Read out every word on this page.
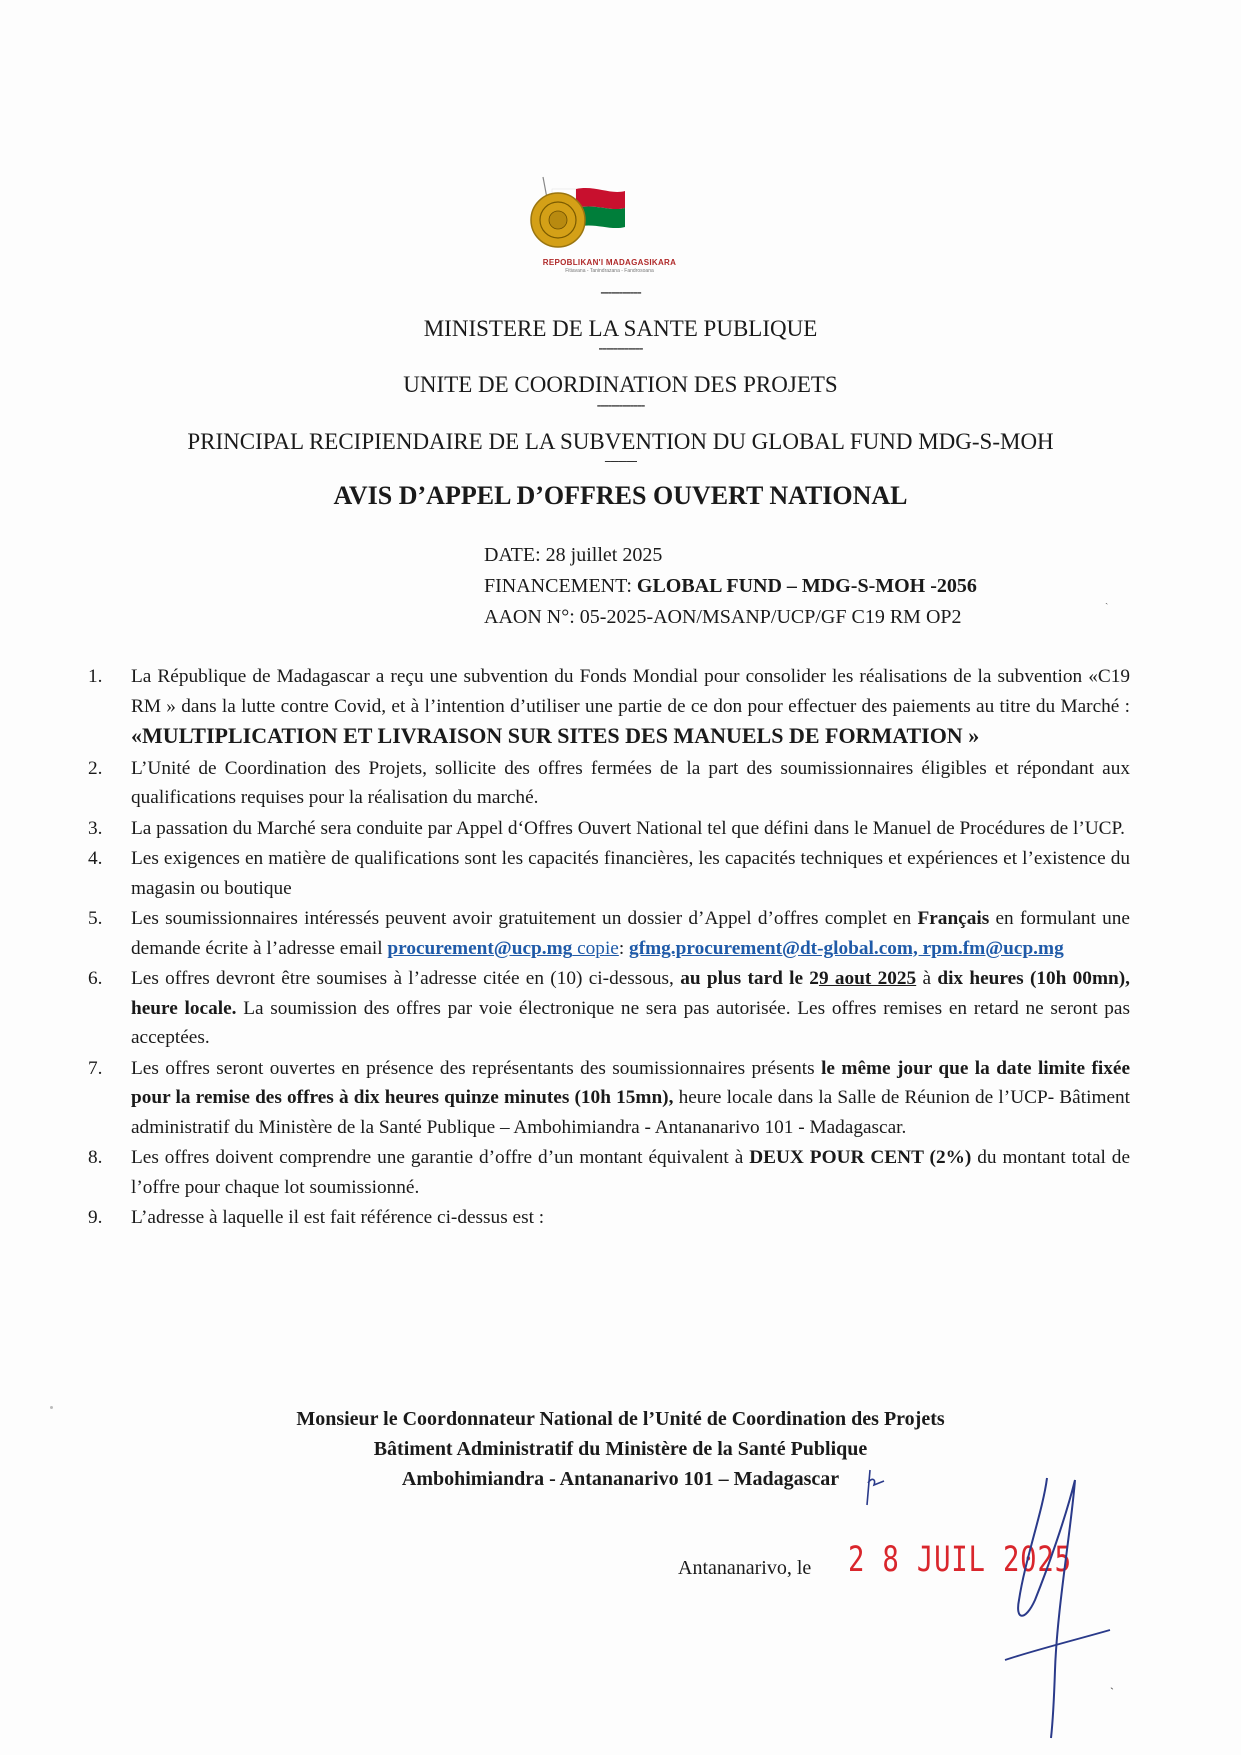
REPOBLIKAN'I MADAGASIKARA
Fitiavana - Tanindrazana - Fandrosoana
-----------
MINISTERE DE LA SANTE PUBLIQUE
------------
UNITE DE COORDINATION DES PROJETS
-------------
PRINCIPAL RECIPIENDAIRE DE LA SUBVENTION DU GLOBAL FUND MDG-S-MOH
------------
AVIS D’APPEL D’OFFRES OUVERT NATIONAL
DATE: 28 juillet 2025
FINANCEMENT: GLOBAL FUND – MDG-S-MOH -2056
AAON N°: 05-2025-AON/MSANP/UCP/GF C19 RM OP2
ˏ
1. La République de Madagascar a reçu une subvention du Fonds Mondial pour consolider les réalisations de la subvention «C19 RM » dans la lutte contre Covid, et à l’intention d’utiliser une partie de ce don pour effectuer des paiements au titre du Marché : «MULTIPLICATION ET LIVRAISON SUR SITES DES MANUELS DE FORMATION »
2. L’Unité de Coordination des Projets, sollicite des offres fermées de la part des soumissionnaires éligibles et répondant aux qualifications requises pour la réalisation du marché.
3. La passation du Marché sera conduite par Appel d‘Offres Ouvert National tel que défini dans le Manuel de Procédures de l’UCP.
4. Les exigences en matière de qualifications sont les capacités financières, les capacités techniques et expériences et l’existence du magasin ou boutique
5. Les soumissionnaires intéressés peuvent avoir gratuitement un dossier d’Appel d’offres complet en Français en formulant une demande écrite à l’adresse email procurement@ucp.mg copie: gfmg.procurement@dt-global.com, rpm.fm@ucp.mg
6. Les offres devront être soumises à l’adresse citée en (10) ci-dessous, au plus tard le 29 aout 2025 à dix heures (10h 00mn), heure locale. La soumission des offres par voie électronique ne sera pas autorisée. Les offres remises en retard ne seront pas acceptées.
7. Les offres seront ouvertes en présence des représentants des soumissionnaires présents le même jour que la date limite fixée pour la remise des offres à dix heures quinze minutes (10h 15mn), heure locale dans la Salle de Réunion de l’UCP- Bâtiment administratif du Ministère de la Santé Publique – Ambohimiandra - Antananarivo 101 - Madagascar.
8. Les offres doivent comprendre une garantie d’offre d’un montant équivalent à DEUX POUR CENT (2%) du montant total de l’offre pour chaque lot soumissionné.
9. L’adresse à laquelle il est fait référence ci-dessus est :
Monsieur le Coordonnateur National de l’Unité de Coordination des Projets
Bâtiment Administratif du Ministère de la Santé Publique
Ambohimiandra - Antananarivo 101 – Madagascar
Antananarivo, le 2 8 JUIL 2025
ˎ
